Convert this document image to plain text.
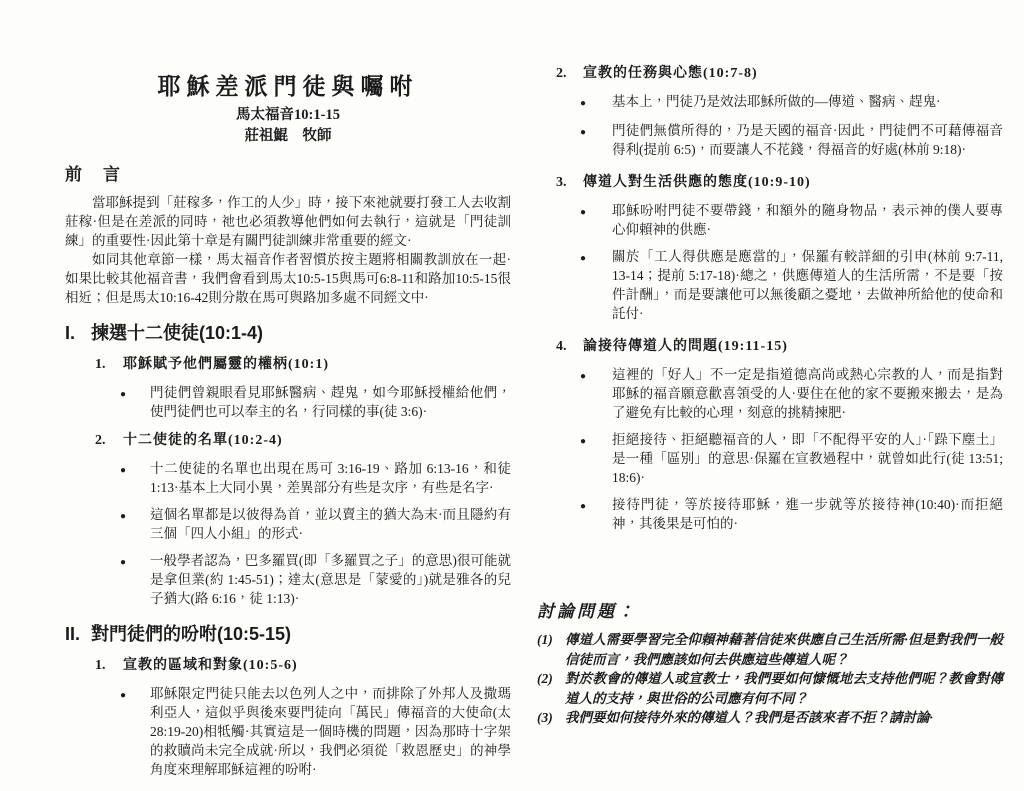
耶穌差派門徒與囑咐
馬太福音10:1-15
莊祖鯤　牧師
前　言

當耶穌提到「莊稼多，作工的人少」時，接下來祂就要打發工人去收割莊稼·但是在差派的同時，祂也必須教導他們如何去執行，這就是「門徒訓練」的重要性·因此第十章是有關門徒訓練非常重要的經文·

如同其他章節一樣，馬太福音作者習慣於按主題將相關教訓放在一起·如果比較其他福音書，我們會看到馬太10:5-15與馬可6:8-11和路加10:5-15很相近；但是馬太10:16-42則分散在馬可與路加多處不同經文中·

I. 揀選十二使徒(10:1-4)
1.	耶穌賦予他們屬靈的權柄(10:1)
●
門徒們曾親眼看見耶穌醫病、趕鬼，如今耶穌授權給他們，使門徒們也可以奉主的名，行同樣的事(徒 3:6)·
2.	十二使徒的名單(10:2-4)
●
十二使徒的名單也出現在馬可 3:16-19、路加 6:13-16，和徒 1:13·基本上大同小異，差異部分有些是次序，有些是名字·
●
這個名單都是以彼得為首，並以賣主的猶大為末·而且隱約有三個「四人小組」的形式·
●
一般學者認為，巴多羅買(即「多羅買之子」的意思)很可能就是拿但業(約 1:45-51)；達太(意思是「蒙愛的」)就是雅各的兒子猶大(路 6:16，徒 1:13)·
II. 對門徒們的吩咐(10:5-15)
1.	宣教的區域和對象(10:5-6)
●
耶穌限定門徒只能去以色列人之中，而排除了外邦人及撒瑪利亞人，這似乎與後來要門徒向「萬民」傳福音的大使命(太 28:19-20)相牴觸·其實這是一個時機的問題，因為那時十字架的救贖尚未完全成就·所以，我們必須從「救恩歷史」的神學角度來理解耶穌這裡的吩咐·
2.	宣教的任務與心態(10:7-8)
●
基本上，門徒乃是效法耶穌所做的—傳道、醫病、趕鬼·
●
門徒們無償所得的，乃是天國的福音·因此，門徒們不可藉傳福音得利(提前 6:5)，而要讓人不花錢，得福音的好處(林前 9:18)·
3.	傳道人對生活供應的態度(10:9-10)
●
耶穌吩咐門徒不要帶錢，和額外的隨身物品，表示神的僕人要專心仰賴神的供應·
●
關於「工人得供應是應當的」，保羅有較詳細的引申(林前 9:7-11, 13-14；提前 5:17-18)·總之，供應傳道人的生活所需，不是要「按件計酬」，而是要讓他可以無後顧之憂地，去做神所給他的使命和託付·
4.	論接待傳道人的問題(19:11-15)
●
這裡的「好人」不一定是指道德高尚或熱心宗教的人，而是指對耶穌的福音願意歡喜領受的人·要住在他的家不要搬來搬去，是為了避免有比較的心理，刻意的挑精揀肥·
●
拒絕接待、拒絕聽福音的人，即「不配得平安的人」·「跺下塵土」是一種「區別」的意思·保羅在宣教過程中，就曾如此行(徒 13:51; 18:6)·
●
接待門徒，等於接待耶穌，進一步就等於接待神(10:40)·而拒絕神，其後果是可怕的·
討論問題：
(1) 傳道人需要學習完全仰賴神藉著信徒來供應自己生活所需·但是對我們一般信徒而言，我們應該如何去供應這些傳道人呢？
(2) 對於教會的傳道人或宣教士，我們要如何慷慨地去支持他們呢？教會對傳道人的支持，與世俗的公司應有何不同？
(3) 我們要如何接待外來的傳道人？我們是否該來者不拒？請討論·
